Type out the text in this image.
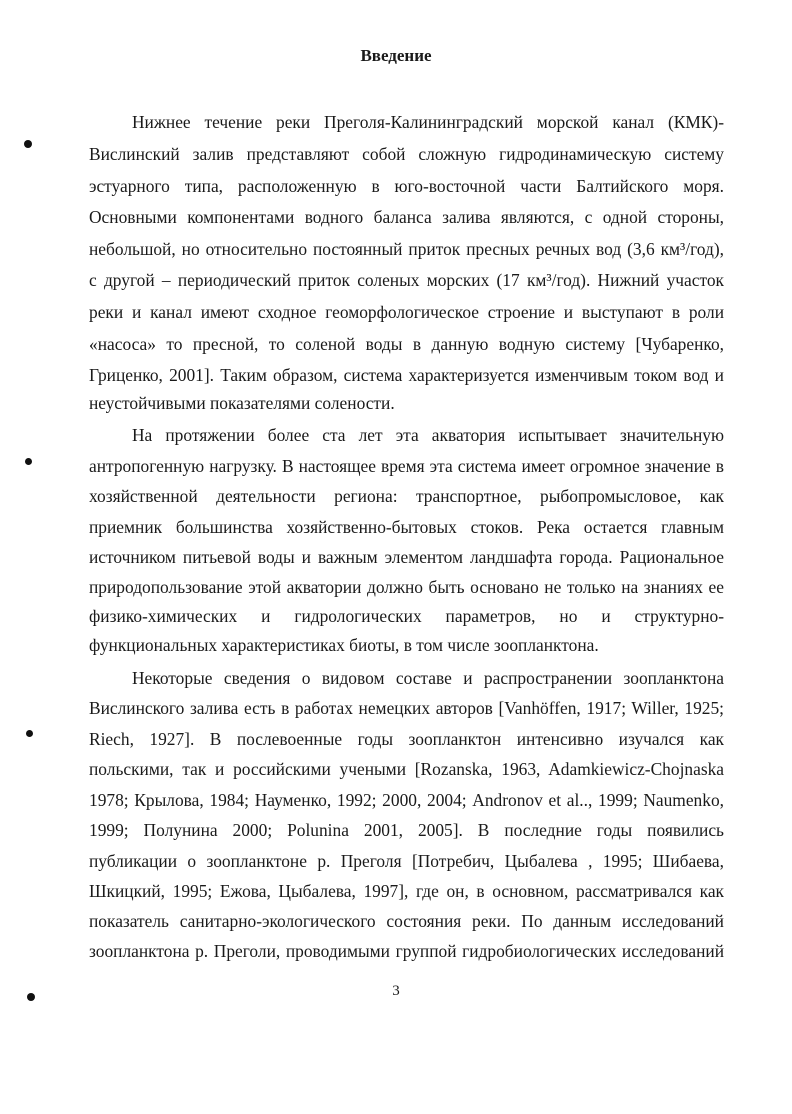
Введение
Нижнее течение реки Преголя-Калининградский морской канал (КМК)-
Вислинский залив представляют собой сложную гидродинамическую систему
эстуарного типа, расположенную в юго-восточной части Балтийского моря.
Основными компонентами водного баланса залива являются, с одной стороны,
небольшой, но относительно постоянный приток пресных речных вод (3,6 км³/год),
с другой – периодический приток соленых морских (17 км³/год). Нижний участок
реки и канал имеют сходное геоморфологическое строение и выступают в роли
«насоса» то пресной, то соленой воды в данную водную систему [Чубаренко,
Гриценко, 2001]. Таким образом, система характеризуется изменчивым током вод и
неустойчивыми показателями солености.
На протяжении более ста лет эта акватория испытывает значительную
антропогенную нагрузку. В настоящее время эта система имеет огромное значение в
хозяйственной деятельности региона: транспортное, рыбопромысловое, как
приемник большинства хозяйственно-бытовых стоков. Река остается главным
источником питьевой воды и важным элементом ландшафта города. Рациональное
природопользование этой акватории должно быть основано не только на знаниях ее
физико-химических и гидрологических параметров, но и структурно-
функциональных характеристиках биоты, в том числе зоопланктона.
Некоторые сведения о видовом составе и распространении зоопланктона
Вислинского залива есть в работах немецких авторов [Vanhöffen, 1917; Willer, 1925;
Riech, 1927]. В послевоенные годы зоопланктон интенсивно изучался как
польскими, так и российскими учеными [Rozanska, 1963, Adamkiewicz-Chojnaska
1978; Крылова, 1984; Науменко, 1992; 2000, 2004; Andronov et al.., 1999; Naumenko,
1999; Полунина 2000; Polunina 2001, 2005]. В последние годы появились
публикации о зоопланктоне р. Преголя [Потребич, Цыбалева , 1995; Шибаева,
Шкицкий, 1995; Ежова, Цыбалева, 1997], где он, в основном, рассматривался как
показатель санитарно-экологического состояния реки. По данным исследований
зоопланктона р. Преголи, проводимыми группой гидробиологических исследований
3
